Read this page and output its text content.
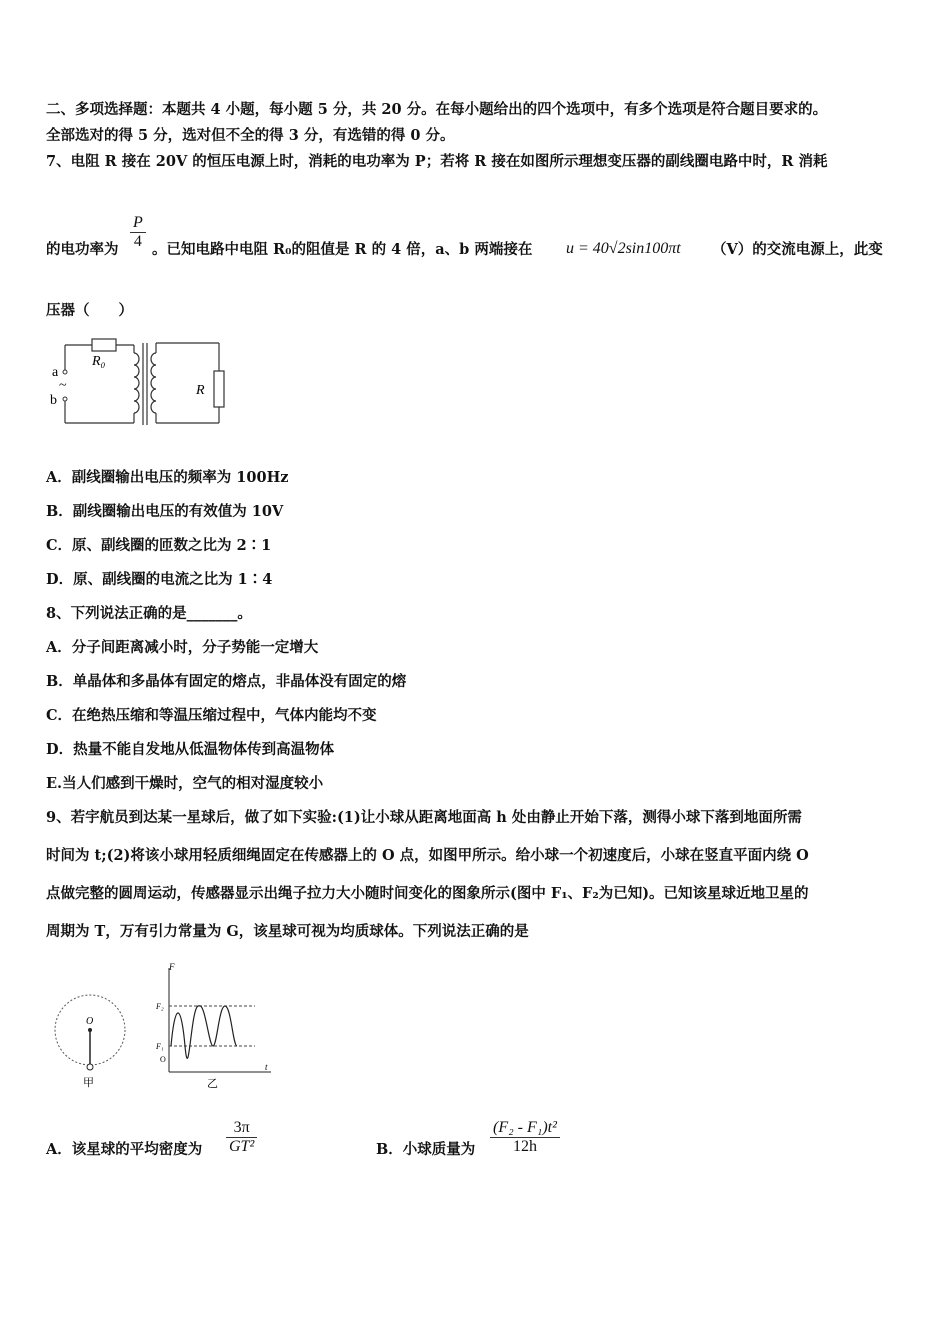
二、多项选择题：本题共 4 小题，每小题 5 分，共 20 分。在每小题给出的四个选项中，有多个选项是符合题目要求的。
全部选对的得 5 分，选对但不全的得 3 分，有选错的得 0 分。
7、电阻 R 接在 20V 的恒压电源上时，消耗的电功率为 P；若将 R 接在如图所示理想变压器的副线圈电路中时，R 消耗
P
4
的电功率为 。已知电路中电阻 R₀的阻值是 R 的 4 倍，a、b 两端接在 u = 40√2sin100πt （V）的交流电源上，此变
压器（　　）
a
~
b
R₀
R
A．副线圈输出电压的频率为 100Hz
B．副线圈输出电压的有效值为 10V
C．原、副线圈的匝数之比为 2∶1
D．原、副线圈的电流之比为 1∶4
8、下列说法正确的是_______。
A．分子间距离减小时，分子势能一定增大
B．单晶体和多晶体有固定的熔点，非晶体没有固定的熔
C．在绝热压缩和等温压缩过程中，气体内能均不变
D．热量不能自发地从低温物体传到高温物体
E.当人们感到干燥时，空气的相对湿度较小
9、若宇航员到达某一星球后，做了如下实验:(1)让小球从距离地面高 h 处由静止开始下落，测得小球下落到地面所需
时间为 t;(2)将该小球用轻质细绳固定在传感器上的 O 点，如图甲所示。给小球一个初速度后，小球在竖直平面内绕 O
点做完整的圆周运动，传感器显示出绳子拉力大小随时间变化的图象所示(图中 F₁、F₂为已知)。已知该星球近地卫星的
周期为 T，万有引力常量为 G，该星球可视为均质球体。下列说法正确的是
O
甲
F
F₂
F₁
O
t
乙
A．该星球的平均密度为
3π
GT²	B．小球质量为
(F₂ - F₁)t²
12h
